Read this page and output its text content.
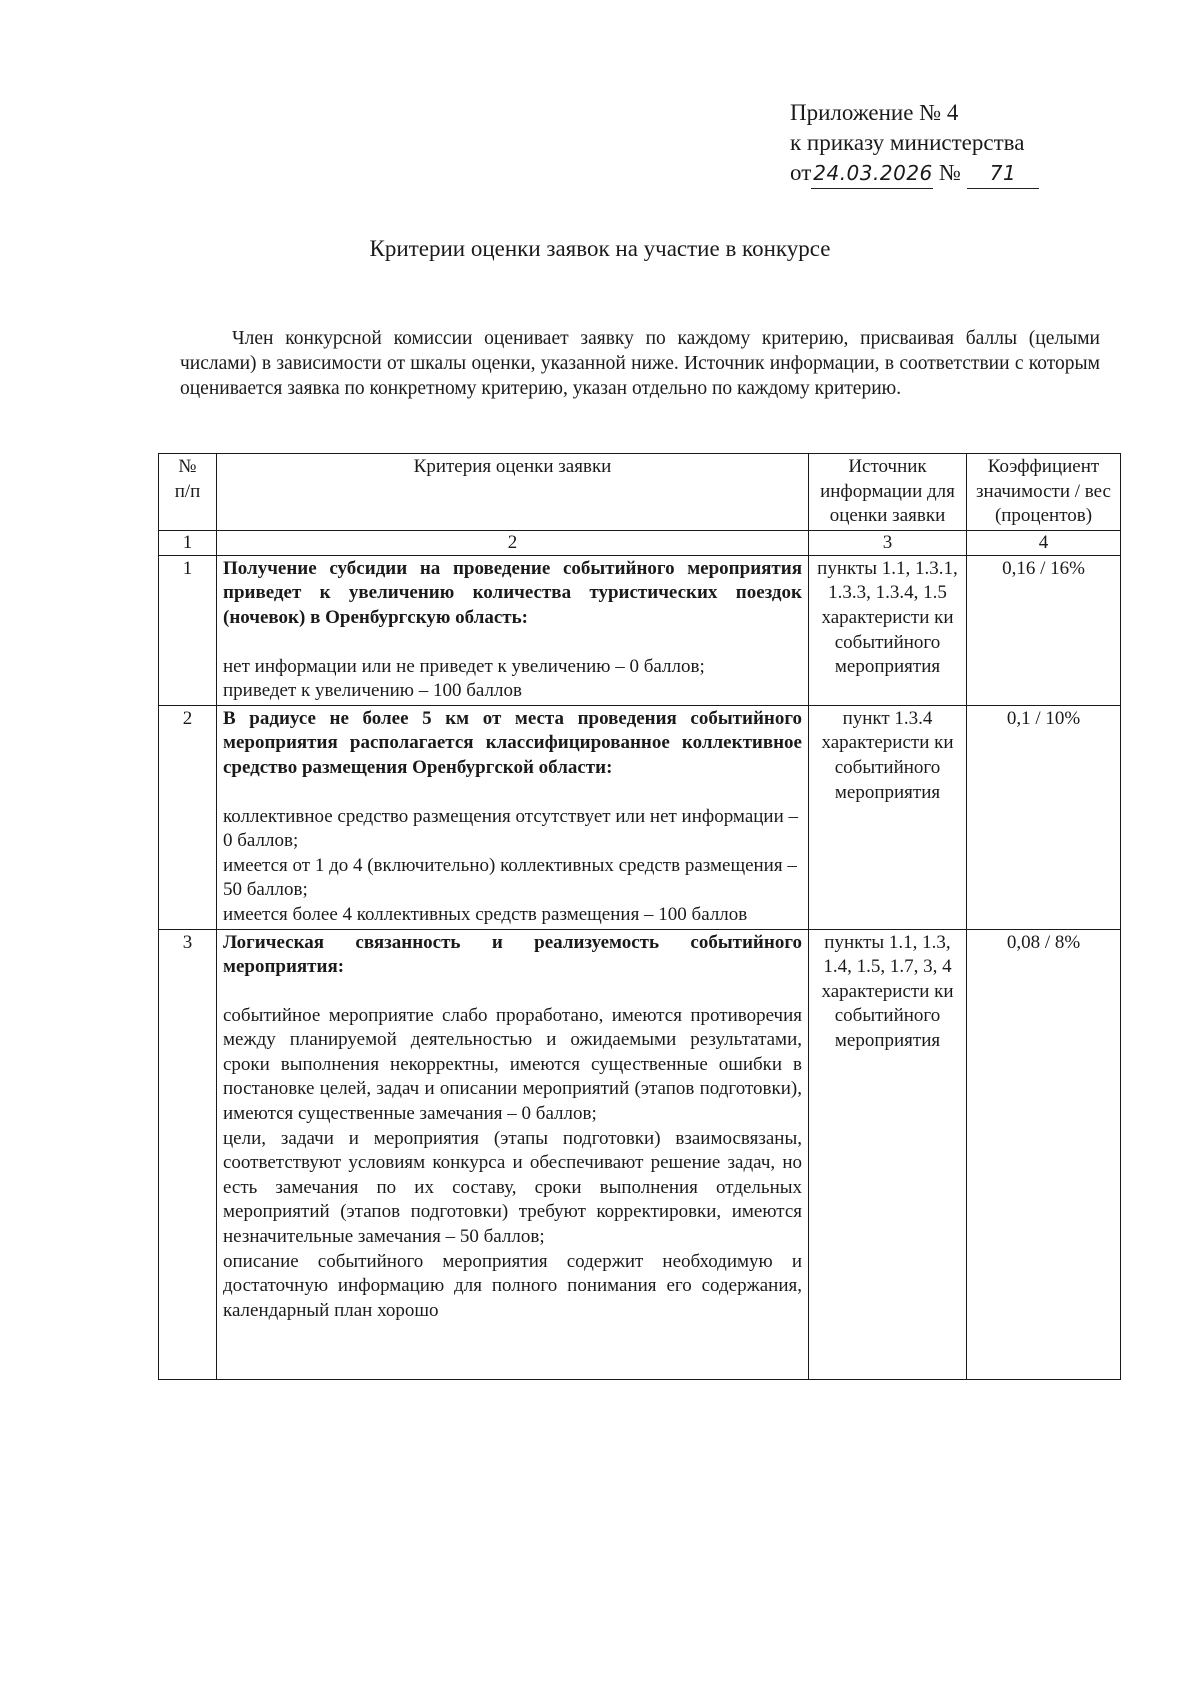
Приложение № 4
к приказу министерства
от 24.03.2026 № 71
Критерии оценки заявок на участие в конкурсе

Член конкурсной комиссии оценивает заявку по каждому критерию, присваивая баллы (целыми числами) в зависимости от шкалы оценки, указанной ниже. Источник информации, в соответствии с которым оценивается заявка по конкретному критерию, указан отдельно по каждому критерию.

№
п/п	Критерия оценки заявки	Источник информации для оценки заявки	Коэффициент значимости / вес (процентов)
1	2	3	4
1	Получение субсидии на проведение событийного мероприятия приведет к увеличению количества туристических поездок (ночевок) в Оренбургскую область:

нет информации или не приведет к увеличению – 0 баллов;

приведет к увеличению – 100 баллов	пункты 1.1, 1.3.1, 1.3.3, 1.3.4, 1.5 характеристи ки событийного мероприятия	0,16 / 16%
2	В радиусе не более 5 км от места проведения событийного мероприятия располагается классифицированное коллективное средство размещения Оренбургской области:

коллективное средство размещения отсутствует или нет информации – 0 баллов;

имеется от 1 до 4 (включительно) коллективных средств размещения – 50 баллов;

имеется более 4 коллективных средств размещения – 100 баллов	пункт 1.3.4 характеристи ки событийного мероприятия	0,1 / 10%
3	Логическая связанность и реализуемость событийного мероприятия:

событийное мероприятие слабо проработано, имеются противоречия между планируемой деятельностью и ожидаемыми результатами, сроки выполнения некорректны, имеются существенные ошибки в постановке целей, задач и описании мероприятий (этапов подготовки), имеются существенные замечания – 0 баллов;

цели, задачи и мероприятия (этапы подготовки) взаимосвязаны, соответствуют условиям конкурса и обеспечивают решение задач, но есть замечания по их составу, сроки выполнения отдельных мероприятий (этапов подготовки) требуют корректировки, имеются незначительные замечания – 50 баллов;

описание событийного мероприятия содержит необходимую и достаточную информацию для полного понимания его содержания, календарный план хорошо	пункты 1.1, 1.3, 1.4, 1.5, 1.7, 3, 4 характеристи ки событийного мероприятия	0,08 / 8%
